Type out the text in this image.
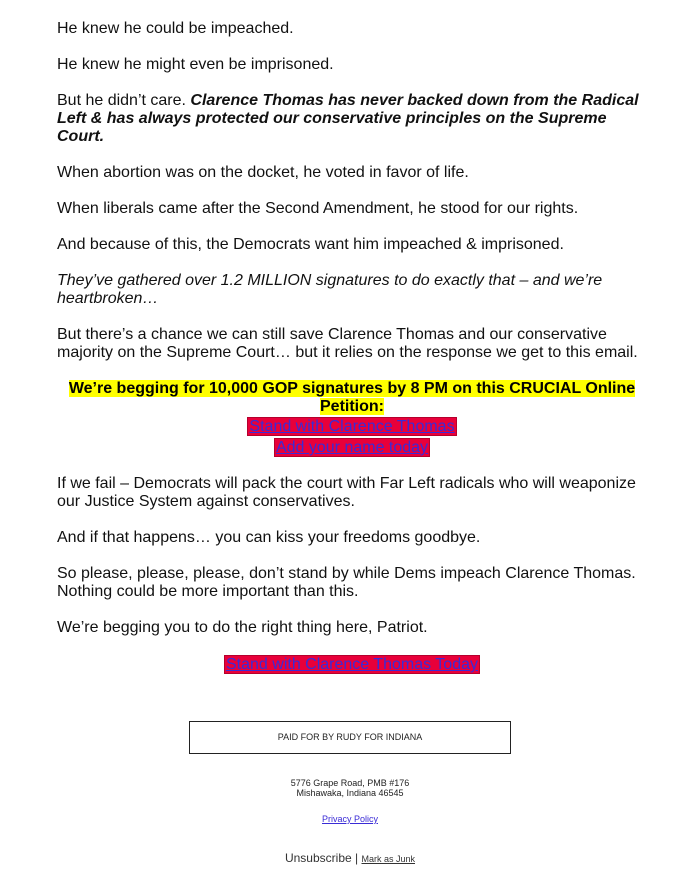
He knew he could be impeached.

He knew he might even be imprisoned.

But he didn’t care. Clarence Thomas has never backed down from the Radical Left & has always protected our conservative principles on the Supreme Court.

When abortion was on the docket, he voted in favor of life.

When liberals came after the Second Amendment, he stood for our rights.

And because of this, the Democrats want him impeached & imprisoned.

They’ve gathered over 1.2 MILLION signatures to do exactly that – and we’re heartbroken…

But there’s a chance we can still save Clarence Thomas and our conservative majority on the Supreme Court… but it relies on the response we get to this email.

We’re begging for 10,000 GOP signatures by 8 PM on this CRUCIAL Online Petition:
Stand with Clarence Thomas
Add your name today

If we fail – Democrats will pack the court with Far Left radicals who will weaponize our Justice System against conservatives.

And if that happens… you can kiss your freedoms goodbye.

So please, please, please, don’t stand by while Dems impeach Clarence Thomas. Nothing could be more important than this.

We’re begging you to do the right thing here, Patriot.

Stand with Clarence Thomas Today
PAID FOR BY RUDY FOR INDIANA
5776 Grape Road, PMB #176
Mishawaka, Indiana 46545
Privacy Policy
Unsubscribe | Mark as Junk
